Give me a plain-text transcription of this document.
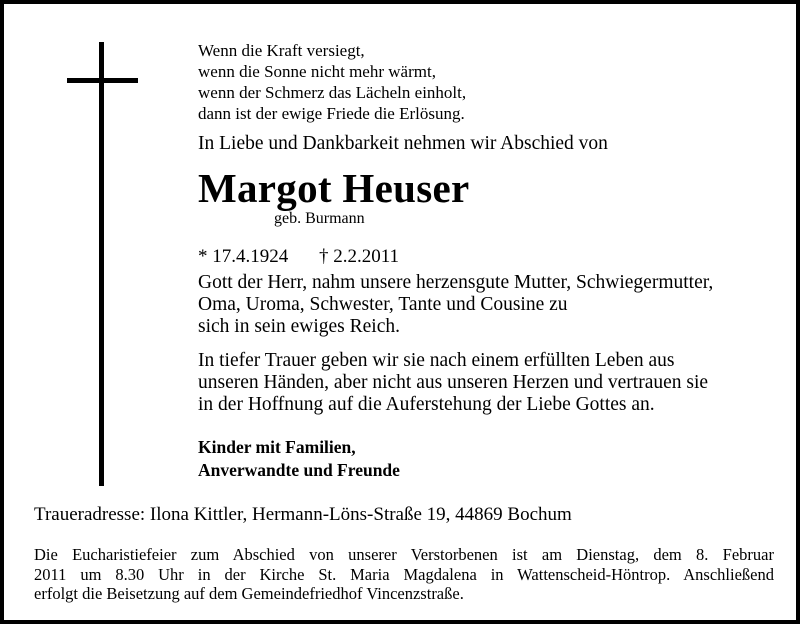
Wenn die Kraft versiegt,
wenn die Sonne nicht mehr wärmt,
wenn der Schmerz das Lächeln einholt,
dann ist der ewige Friede die Erlösung.
In Liebe und Dankbarkeit nehmen wir Abschied von
Margot Heuser
geb. Burmann
* 17.4.1924 † 2.2.2011
Gott der Herr, nahm unsere herzensgute Mutter, Schwiegermutter,
Oma, Uroma, Schwester, Tante und Cousine zu
sich in sein ewiges Reich.
In tiefer Trauer geben wir sie nach einem erfüllten Leben aus
unseren Händen, aber nicht aus unseren Herzen und vertrauen sie
in der Hoffnung auf die Auferstehung der Liebe Gottes an.
Kinder mit Familien,
Anverwandte und Freunde
Traueradresse: Ilona Kittler, Hermann-Löns-Straße 19, 44869 Bochum
Die Eucharistiefeier zum Abschied von unserer Verstorbenen ist am Dienstag, dem 8. Februar
2011 um 8.30 Uhr in der Kirche St. Maria Magdalena in Wattenscheid-Höntrop. Anschließend
erfolgt die Beisetzung auf dem Gemeindefriedhof Vincenzstraße.
